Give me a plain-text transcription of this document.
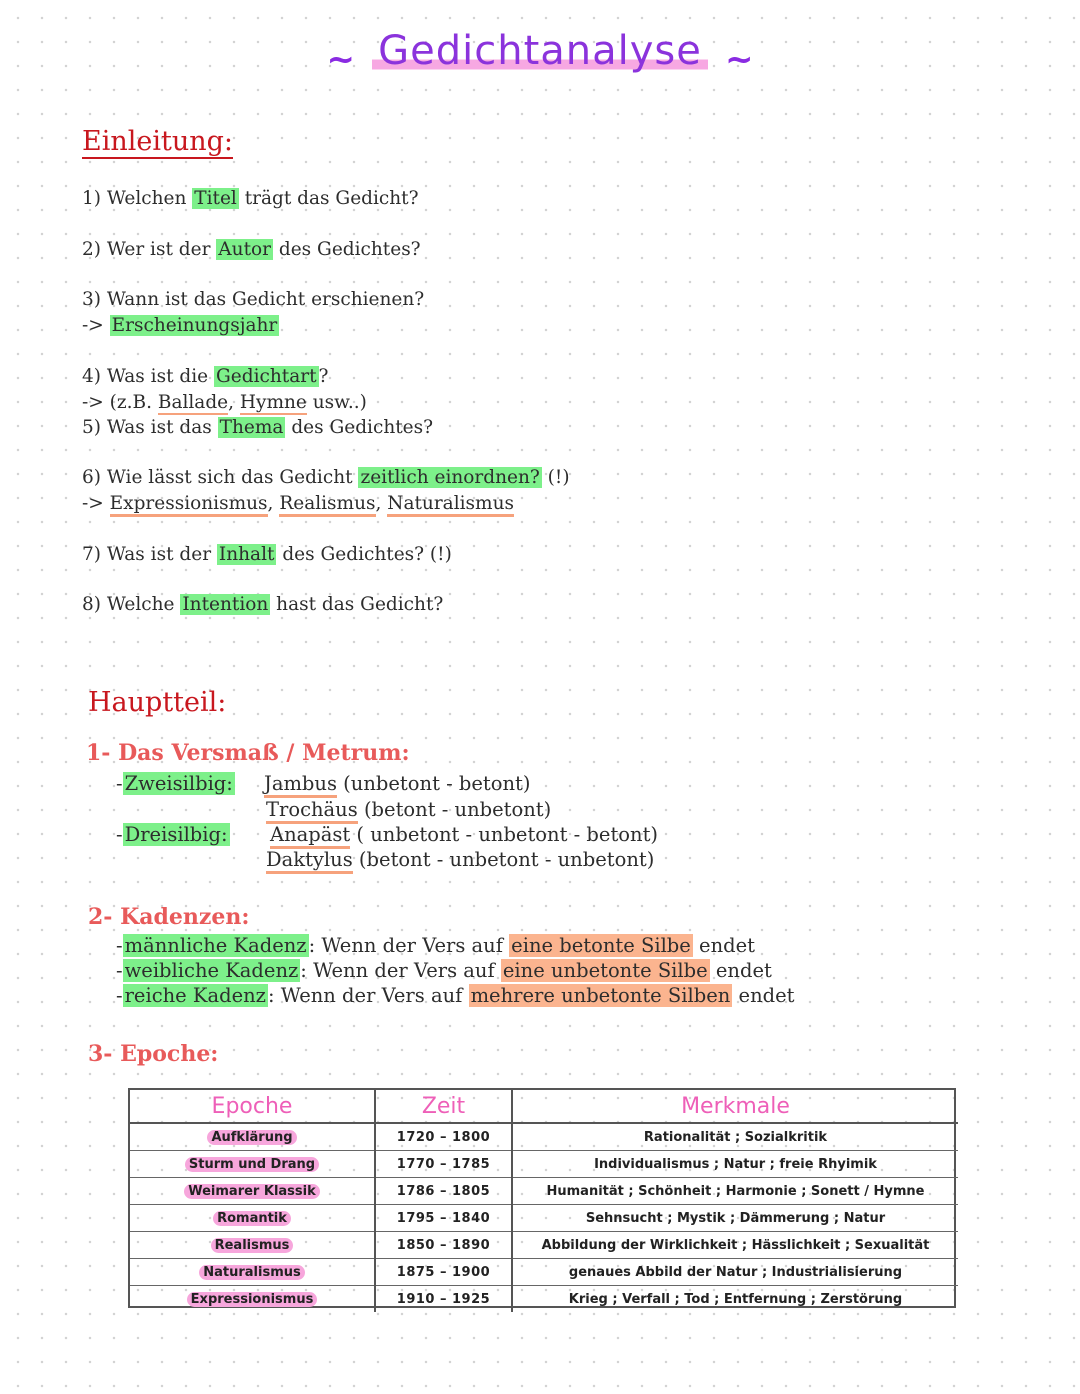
~ Gedichtanalyse ~
Einleitung:
1) Welchen Titel trägt das Gedicht?
2) Wer ist der Autor des Gedichtes?
3) Wann ist das Gedicht erschienen?
-> Erscheinungsjahr
4) Was ist die Gedichtart ?
-> (z.B. Ballade, Hymne usw..)
5) Was ist das Thema des Gedichtes?
6) Wie lässt sich das Gedicht zeitlich einordnen? (!)
-> Expressionismus, Realismus, Naturalismus
7) Was ist der Inhalt des Gedichtes? (!)
8) Welche Intention hast das Gedicht?
Hauptteil:
1- Das Versmaß / Metrum:
- Zweisilbig: Jambus (unbetont - betont)
Trochäus (betont - unbetont)
- Dreisilbig: Anapäst ( unbetont - unbetont - betont)
Daktylus (betont - unbetont - unbetont)
2- Kadenzen:
- männliche Kadenz : Wenn der Vers auf eine betonte Silbe endet
- weibliche Kadenz : Wenn der Vers auf eine unbetonte Silbe endet
- reiche Kadenz : Wenn der Vers auf mehrere unbetonte Silben endet
3- Epoche:
Epoche	Zeit	Merkmale
Aufklärung	1720 – 1800	Rationalität ; Sozialkritik
Sturm und Drang	1770 – 1785	Individualismus ; Natur ; freie Rhyimik
Weimarer Klassik	1786 – 1805	Humanität ; Schönheit ; Harmonie ; Sonett / Hymne
Romantik	1795 – 1840	Sehnsucht ; Mystik ; Dämmerung ; Natur
Realismus	1850 – 1890	Abbildung der Wirklichkeit ; Hässlichkeit ; Sexualität
Naturalismus	1875 – 1900	genaues Abbild der Natur ; Industrialisierung
Expressionismus	1910 – 1925	Krieg ; Verfall ; Tod ; Entfernung ; Zerstörung
